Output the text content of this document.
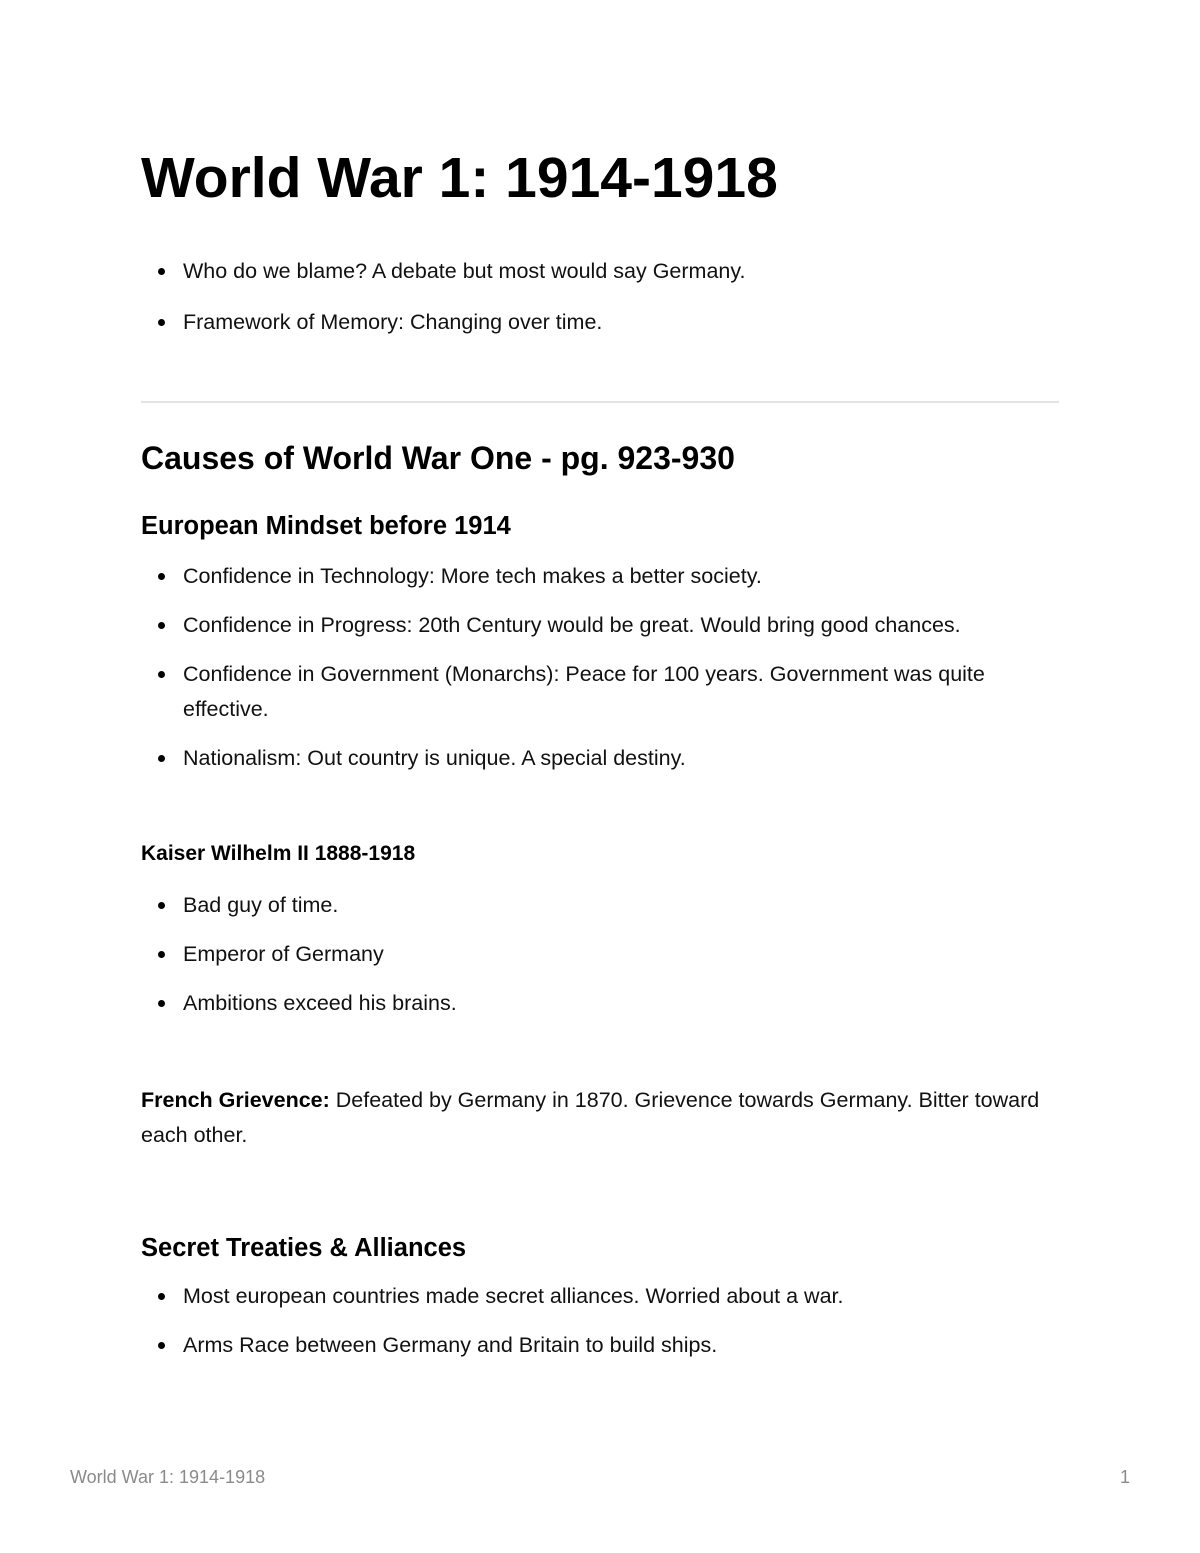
World War 1: 1914-1918
Who do we blame? A debate but most would say Germany.
Framework of Memory: Changing over time.
Causes of World War One - pg. 923-930
European Mindset before 1914
Confidence in Technology: More tech makes a better society.
Confidence in Progress: 20th Century would be great. Would bring good chances.
Confidence in Government (Monarchs): Peace for 100 years. Government was quite effective.
Nationalism: Out country is unique. A special destiny.
Kaiser Wilhelm II 1888-1918
Bad guy of time.
Emperor of Germany
Ambitions exceed his brains.

French Grievence: Defeated by Germany in 1870. Grievence towards Germany. Bitter toward each other.

Secret Treaties & Alliances
Most european countries made secret alliances. Worried about a war.
Arms Race between Germany and Britain to build ships.
World War 1: 1914-1918	1
